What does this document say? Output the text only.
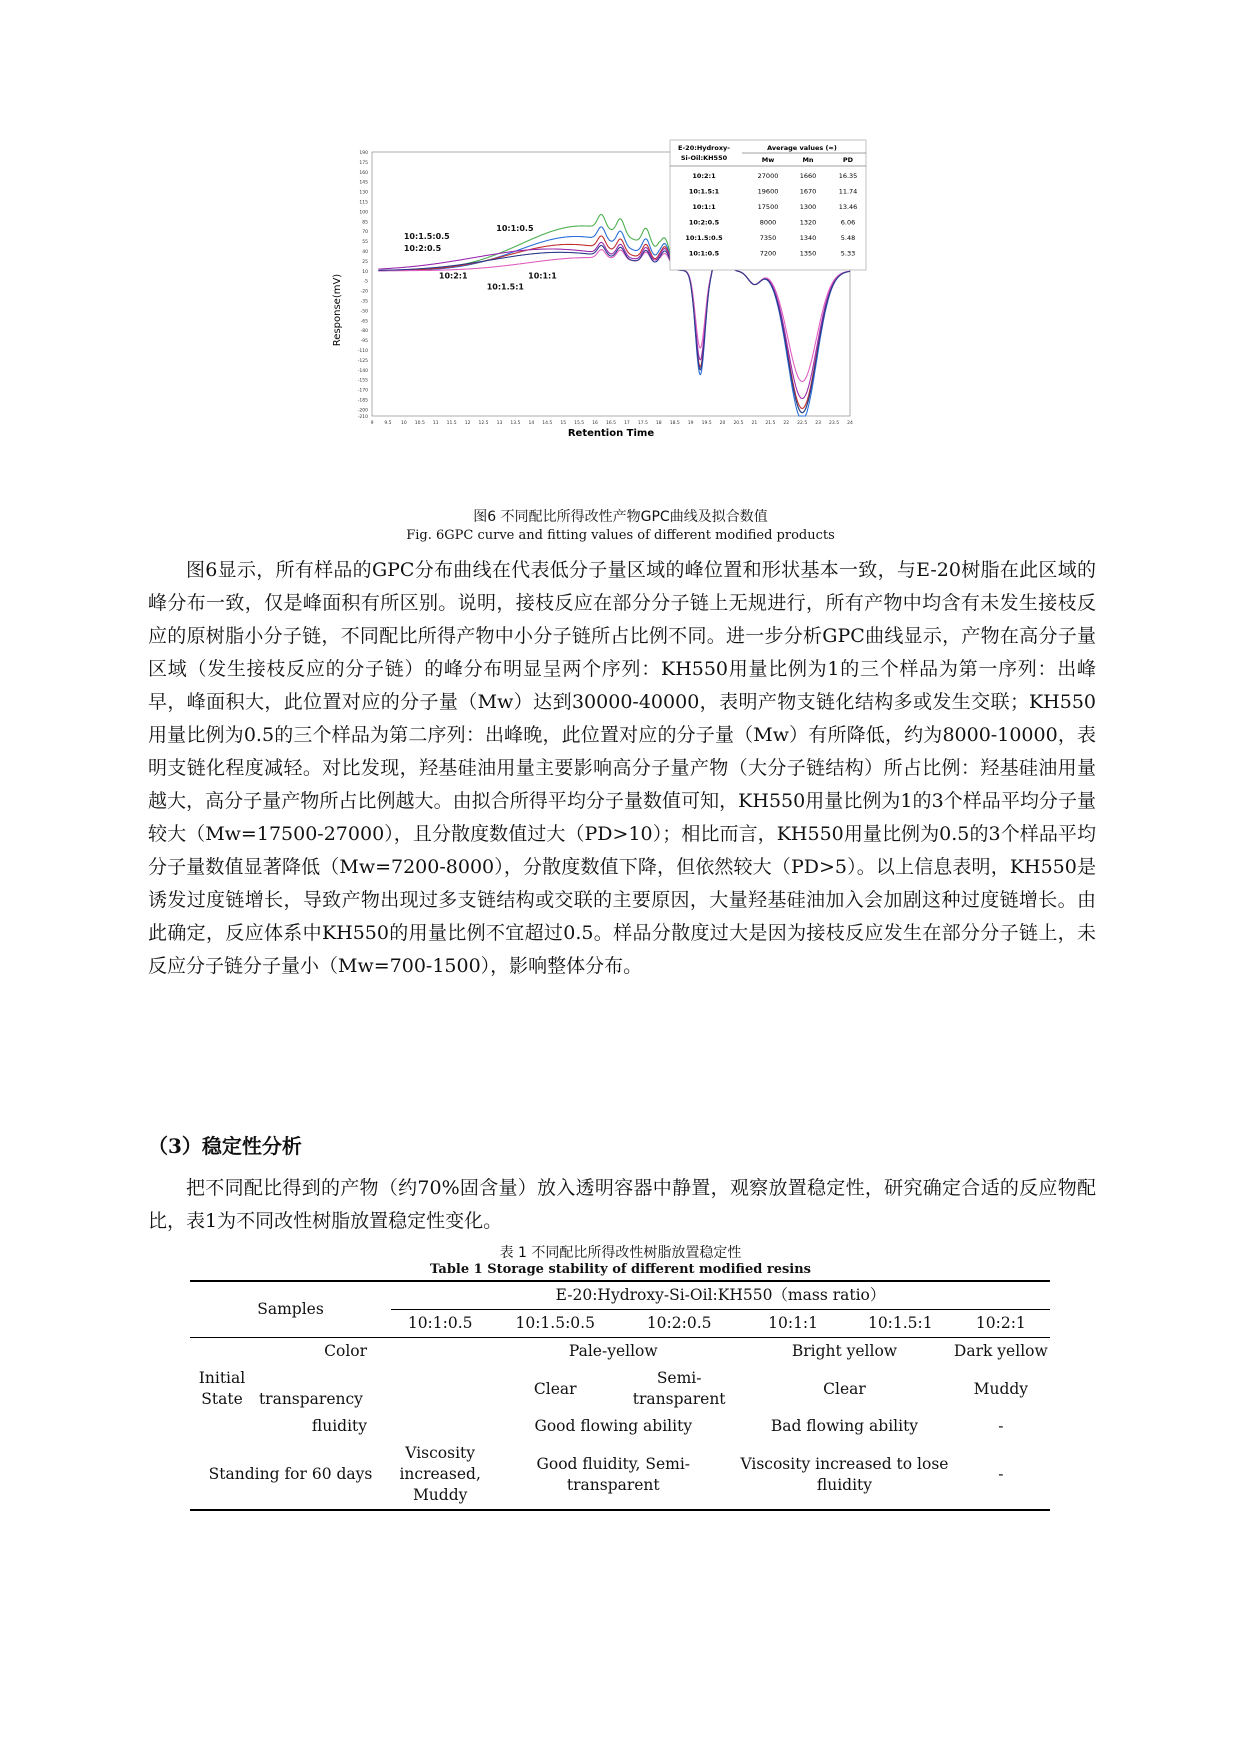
190
175
160
145
130
115
100
85
70
55
40
25
10
-5
-20
-35
-50
-65
-80
-95
-110
-125
-140
-155
-170
-185
-200
-210
9 9.5 10 10.5 11 11.5 12 12.5 13 13.5 14 14.5 15 15.5 16 16.5 17 17.5 18 18.5 19 19.5 20 20.5 21 21.5 22 22.5 23 23.5 24
10:1:0.5
10:1.5:0.5
10:2:0.5
10:2:1	10:1:1
10:1.5:1
Response(mV)
Retention Time
E-20:Hydroxy-
Si-Oil:KH550
Average values (≈)
Mw	Mn	PD
10:2:1	27000	1660	16.35
10:1.5:1	19600	1670	11.74
10:1:1	17500	1300	13.46
10:2:0.5	8000	1320	6.06
10:1.5:0.5	7350	1340	5.48
10:1:0.5	7200	1350	5.33
图6 不同配比所得改性产物GPC曲线及拟合数值
Fig. 6GPC curve and fitting values of different modified products

图6显示，所有样品的GPC分布曲线在代表低分子量区域的峰位置和形状基本一致，与E-20树脂在此区域的峰分布一致，仅是峰面积有所区别。说明，接枝反应在部分分子链上无规进行，所有产物中均含有未发生接枝反应的原树脂小分子链，不同配比所得产物中小分子链所占比例不同。进一步分析GPC曲线显示，产物在高分子量区域（发生接枝反应的分子链）的峰分布明显呈两个序列：KH550用量比例为1的三个样品为第一序列：出峰早，峰面积大，此位置对应的分子量（Mw）达到30000-40000，表明产物支链化结构多或发生交联；KH550用量比例为0.5的三个样品为第二序列：出峰晚，此位置对应的分子量（Mw）有所降低，约为8000-10000，表明支链化程度减轻。对比发现，羟基硅油用量主要影响高分子量产物（大分子链结构）所占比例：羟基硅油用量越大，高分子量产物所占比例越大。由拟合所得平均分子量数值可知，KH550用量比例为1的3个样品平均分子量较大（Mw=17500-27000），且分散度数值过大（PD>10）；相比而言，KH550用量比例为0.5的3个样品平均分子量数值显著降低（Mw=7200-8000），分散度数值下降，但依然较大（PD>5）。以上信息表明，KH550是诱发过度链增长，导致产物出现过多支链结构或交联的主要原因，大量羟基硅油加入会加剧这种过度链增长。由此确定，反应体系中KH550的用量比例不宜超过0.5。样品分散度过大是因为接枝反应发生在部分分子链上，未反应分子链分子量小（Mw=700-1500），影响整体分布。

（3）稳定性分析

把不同配比得到的产物（约70%固含量）放入透明容器中静置，观察放置稳定性，研究确定合适的反应物配比，表1为不同改性树脂放置稳定性变化。

表 1 不同配比所得改性树脂放置稳定性
Table 1 Storage stability of different modified resins
Samples	E-20:Hydroxy-Si-Oil:KH550（mass ratio）					
	10:1:0.5	10:1.5:0.5	10:2:0.5	10:1:1	10:1.5:1	10:2:1
Color		Pale-yellow		Bright yellow		Dark yellow
Initial State transparency		Clear	Semi-transparent	Clear		Muddy
fluidity		Good flowing ability		Bad flowing ability		-
Standing for 60 days	Viscosity increased, Muddy	Good fluidity, Semi-transparent		Viscosity increased to lose fluidity		-
